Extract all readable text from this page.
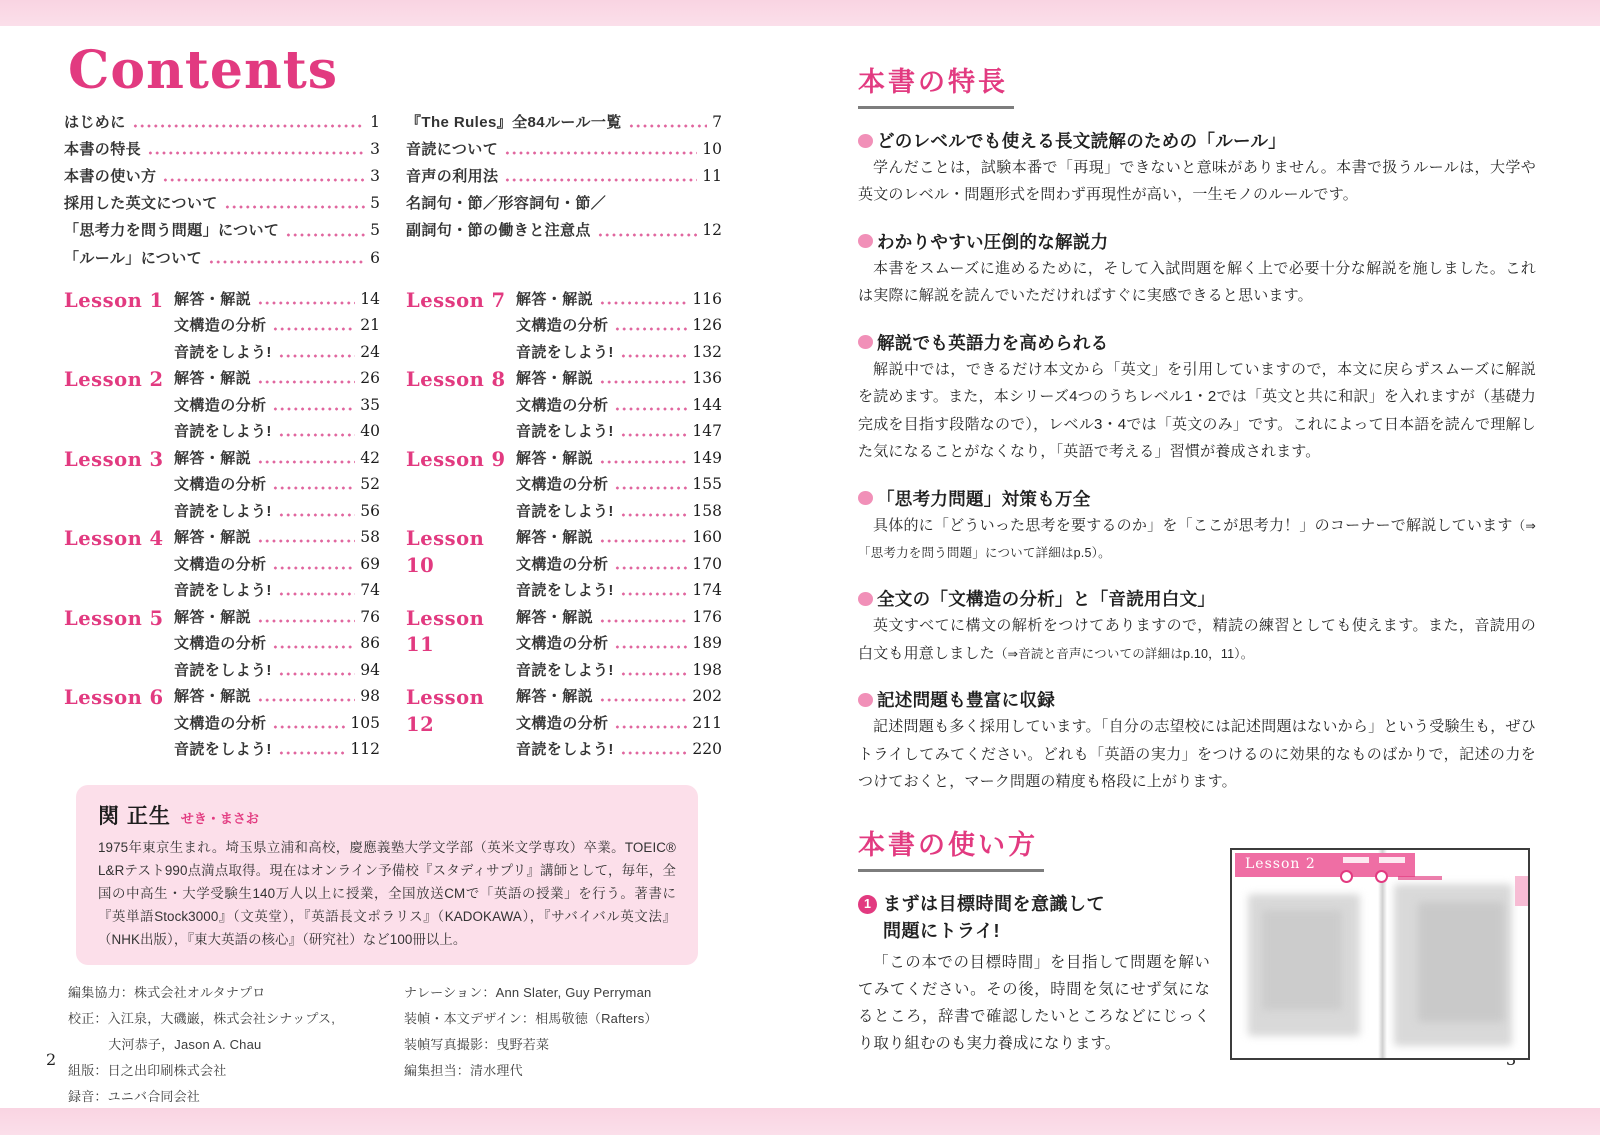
Contents
はじめに	1
本書の特長	3
本書の使い方	3
採用した英文について	5
「思考力を問う問題」について	5
「ルール」について	6
『The Rules』全84ルール一覧	7
音読について	10
音声の利用法	11
名詞句・節／形容詞句・節／
副詞句・節の働きと注意点	12
Lesson 1 解答・解説	14
文構造の分析	21
音読をしよう!	24
Lesson 2 解答・解説	26
文構造の分析	35
音読をしよう!	40
Lesson 3 解答・解説	42
文構造の分析	52
音読をしよう!	56
Lesson 4 解答・解説	58
文構造の分析	69
音読をしよう!	74
Lesson 5 解答・解説	76
文構造の分析	86
音読をしよう!	94
Lesson 6 解答・解説	98
文構造の分析	105
音読をしよう!	112
Lesson 7 解答・解説	116
文構造の分析	126
音読をしよう!	132
Lesson 8 解答・解説	136
文構造の分析	144
音読をしよう!	147
Lesson 9 解答・解説	149
文構造の分析	155
音読をしよう!	158
Lesson 10
解答・解説	160
文構造の分析	170
音読をしよう!	174
Lesson 11
解答・解説	176
文構造の分析	189
音読をしよう!	198
Lesson 12
解答・解説	202
文構造の分析	211
音読をしよう!	220
関 正生 せき・まさお

1975年東京生まれ。埼玉県立浦和高校，慶應義塾大学文学部（英米文学専攻）卒業。TOEIC® L&Rテスト990点満点取得。現在はオンライン予備校『スタディサプリ』講師として，毎年，全国の中高生・大学受験生140万人以上に授業，全国放送CMで「英語の授業」を行う。著書に『英単語Stock3000』（文英堂），『英語長文ポラリス』（KADOKAWA），『サバイバル英文法』（NHK出版），『東大英語の核心』（研究社）など100冊以上。

編集協力：株式会社オルタナプロ
校正：入江泉，大磯巌，株式会社シナップス,
大河恭子，Jason A. Chau
組版：日之出印刷株式会社
録音：ユニバ合同会社
ナレーション：Ann Slater, Guy Perryman
装幀・本文デザイン：相馬敬徳（Rafters）
装幀写真撮影：曳野若菜
編集担当：清水理代
2
本書の特長
どのレベルでも使える長文読解のための「ルール」

学んだことは，試験本番で「再現」できないと意味がありません。本書で扱うルールは，大学や英文のレベル・問題形式を問わず再現性が高い，一生モノのルールです。

わかりやすい圧倒的な解説力

本書をスムーズに進めるために，そして入試問題を解く上で必要十分な解説を施しました。これは実際に解説を読んでいただければすぐに実感できると思います。

解説でも英語力を高められる

解説中では，できるだけ本文から「英文」を引用していますので，本文に戻らずスムーズに解説を読めます。また，本シリーズ4つのうちレベル1・2では「英文と共に和訳」を入れますが（基礎力完成を目指す段階なので），レベル3・4では「英文のみ」です。これによって日本語を読んで理解した気になることがなくなり，「英語で考える」習慣が養成されます。

「思考力問題」対策も万全

具体的に「どういった思考を要するのか」を「ここが思考力！」のコーナーで解説しています（⇒「思考力を問う問題」について詳細はp.5）。

全文の「文構造の分析」と「音読用白文」

英文すべてに構文の解析をつけてありますので，精読の練習としても使えます。また，音読用の白文も用意しました（⇒音読と音声についての詳細はp.10，11）。

記述問題も豊富に収録

記述問題も多く採用しています。「自分の志望校には記述問題はないから」という受験生も，ぜひトライしてみてください。どれも「英語の実力」をつけるのに効果的なものばかりで，記述の力をつけておくと，マーク問題の精度も格段に上がります。

本書の使い方
1 まずは目標時間を意識して
問題にトライ!

「この本での目標時間」を目指して問題を解いてみてください。その後，時間を気にせず気になるところ，辞書で確認したいところなどにじっくり取り組むのも実力養成になります。

Lesson 2
